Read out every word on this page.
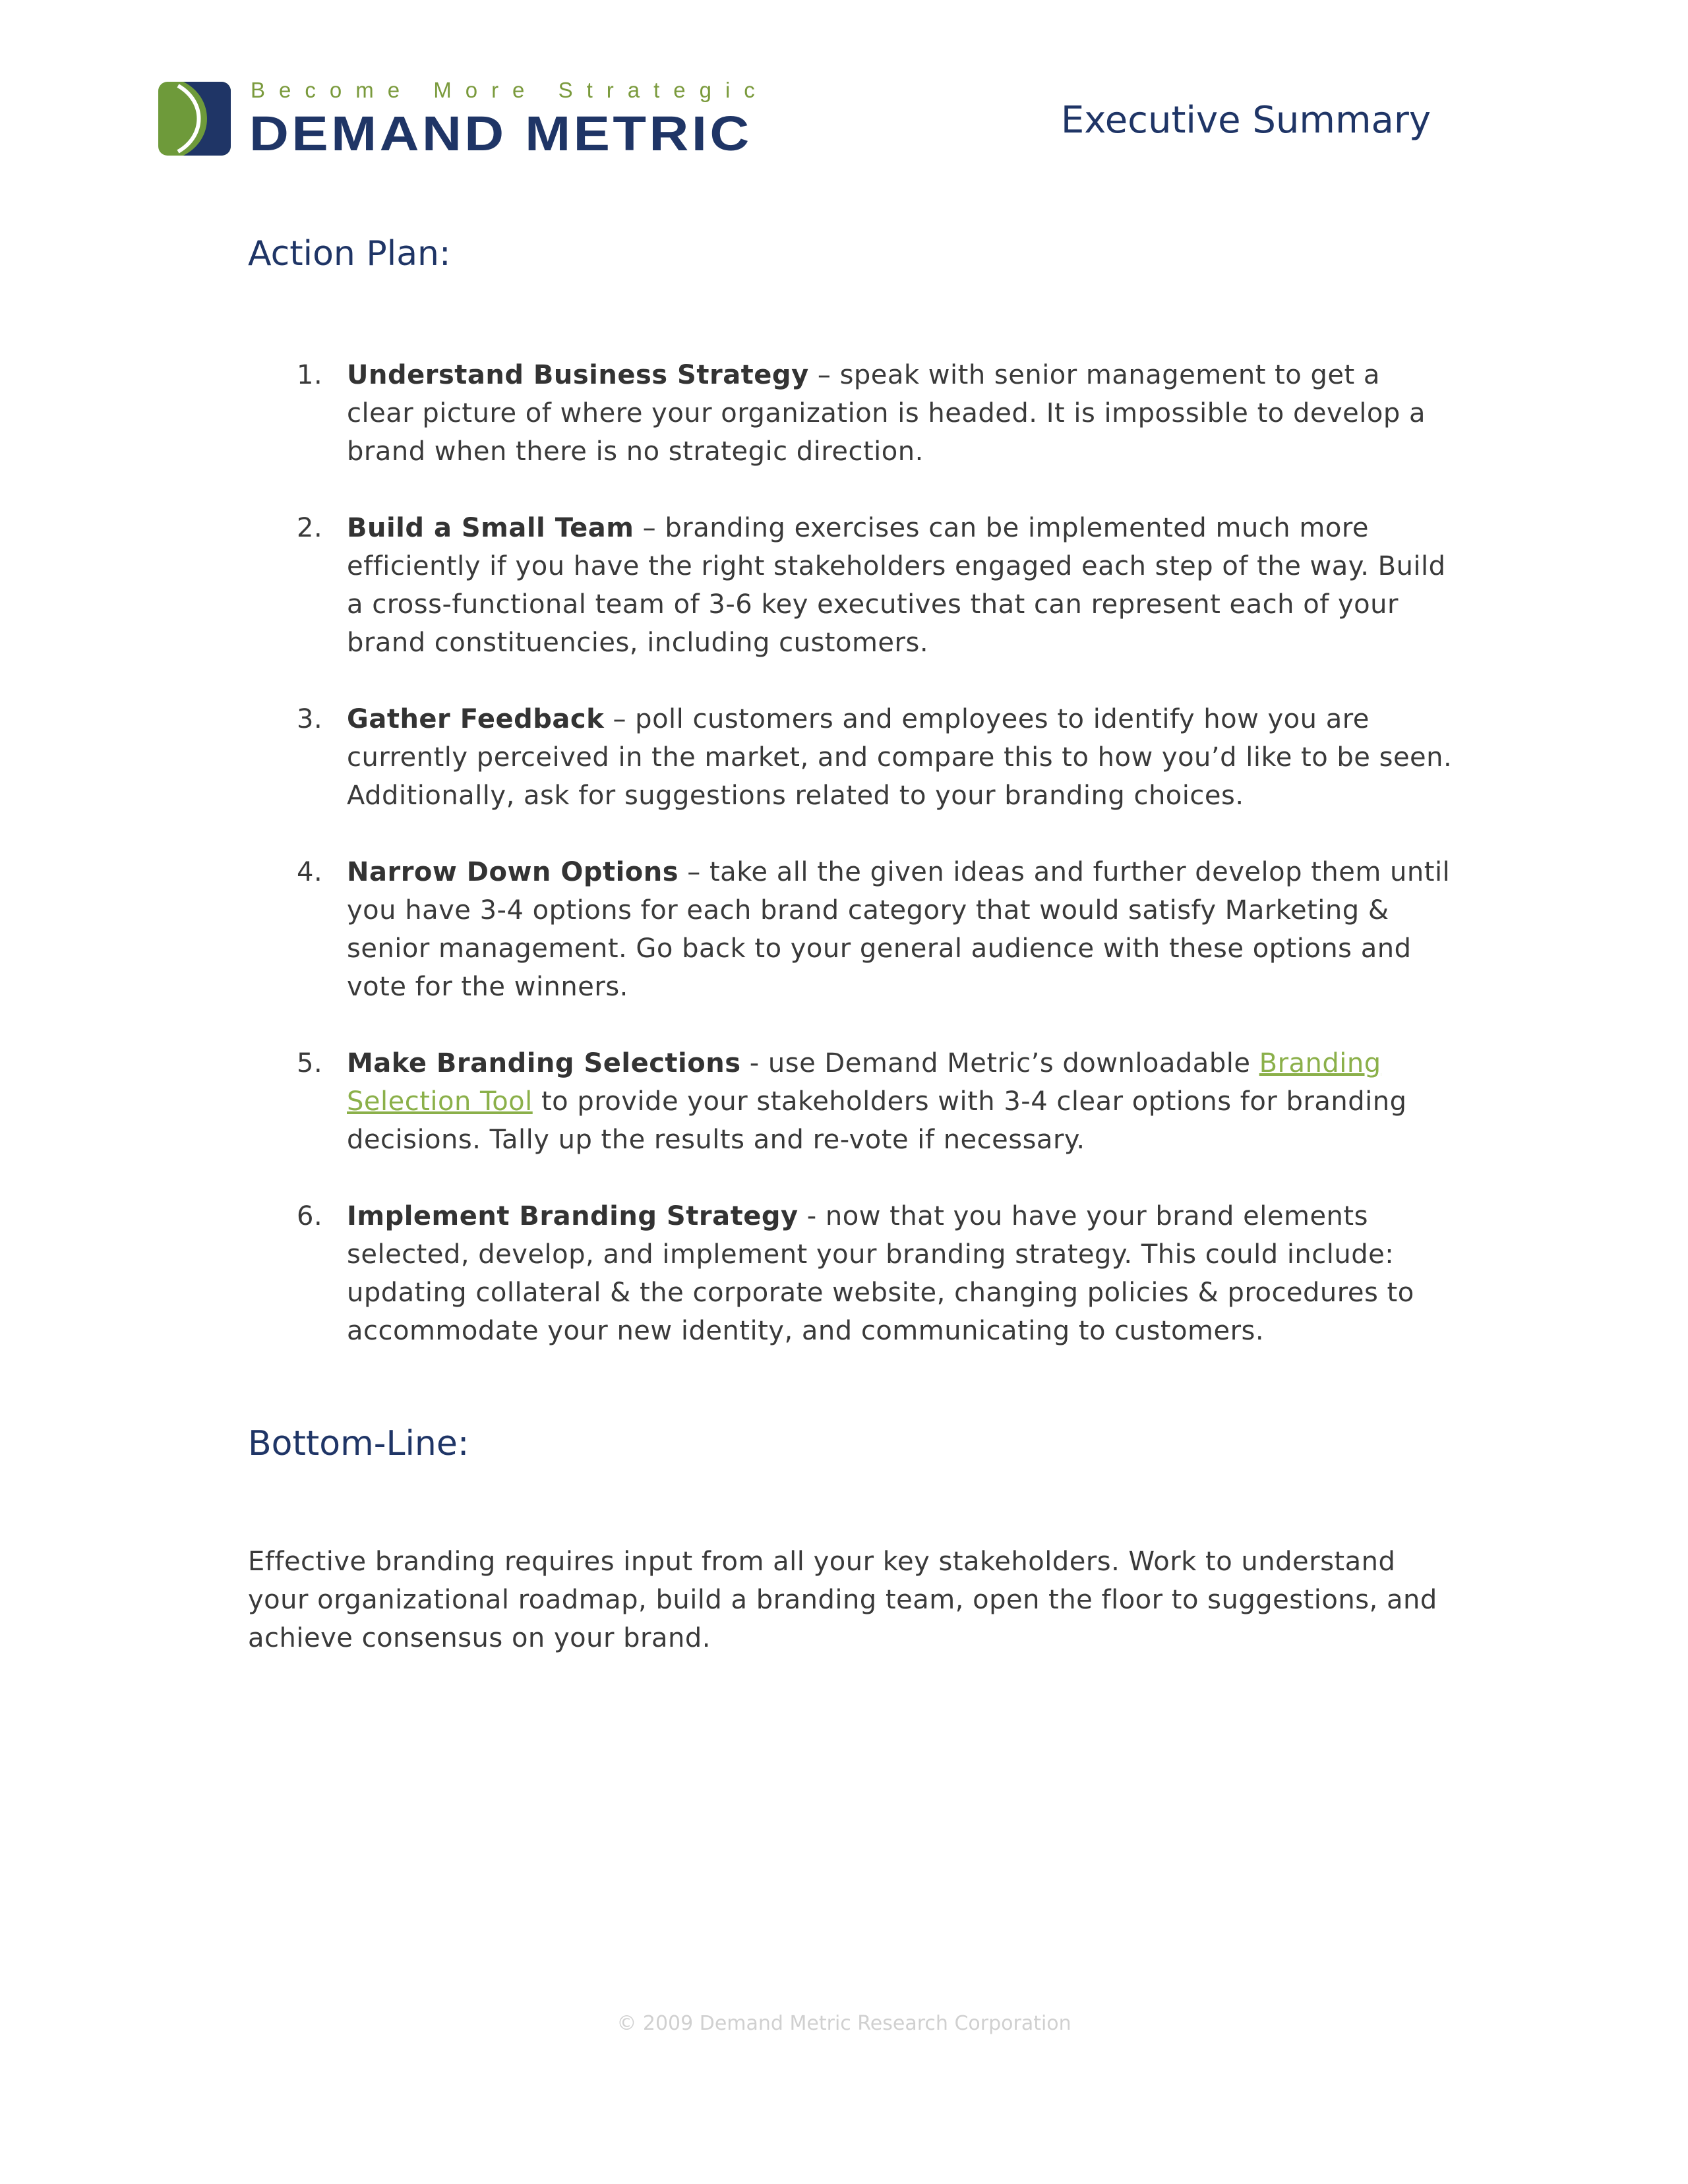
Become More Strategic
DEMAND METRIC	Executive Summary
Action Plan:
1. Understand Business Strategy – speak with senior management to get a clear picture of where your organization is headed. It is impossible to develop a brand when there is no strategic direction.
2. Build a Small Team – branding exercises can be implemented much more efficiently if you have the right stakeholders engaged each step of the way. Build a cross-functional team of 3-6 key executives that can represent each of your brand constituencies, including customers.
3. Gather Feedback – poll customers and employees to identify how you are currently perceived in the market, and compare this to how you’d like to be seen. Additionally, ask for suggestions related to your branding choices.
4. Narrow Down Options – take all the given ideas and further develop them until you have 3-4 options for each brand category that would satisfy Marketing & senior management. Go back to your general audience with these options and vote for the winners.
5. Make Branding Selections - use Demand Metric’s downloadable Branding Selection Tool to provide your stakeholders with 3-4 clear options for branding decisions. Tally up the results and re-vote if necessary.
6. Implement Branding Strategy - now that you have your brand elements selected, develop, and implement your branding strategy. This could include: updating collateral & the corporate website, changing policies & procedures to accommodate your new identity, and communicating to customers.
Bottom-Line:

Effective branding requires input from all your key stakeholders. Work to understand your organizational roadmap, build a branding team, open the floor to suggestions, and achieve consensus on your brand.

© 2009 Demand Metric Research Corporation
